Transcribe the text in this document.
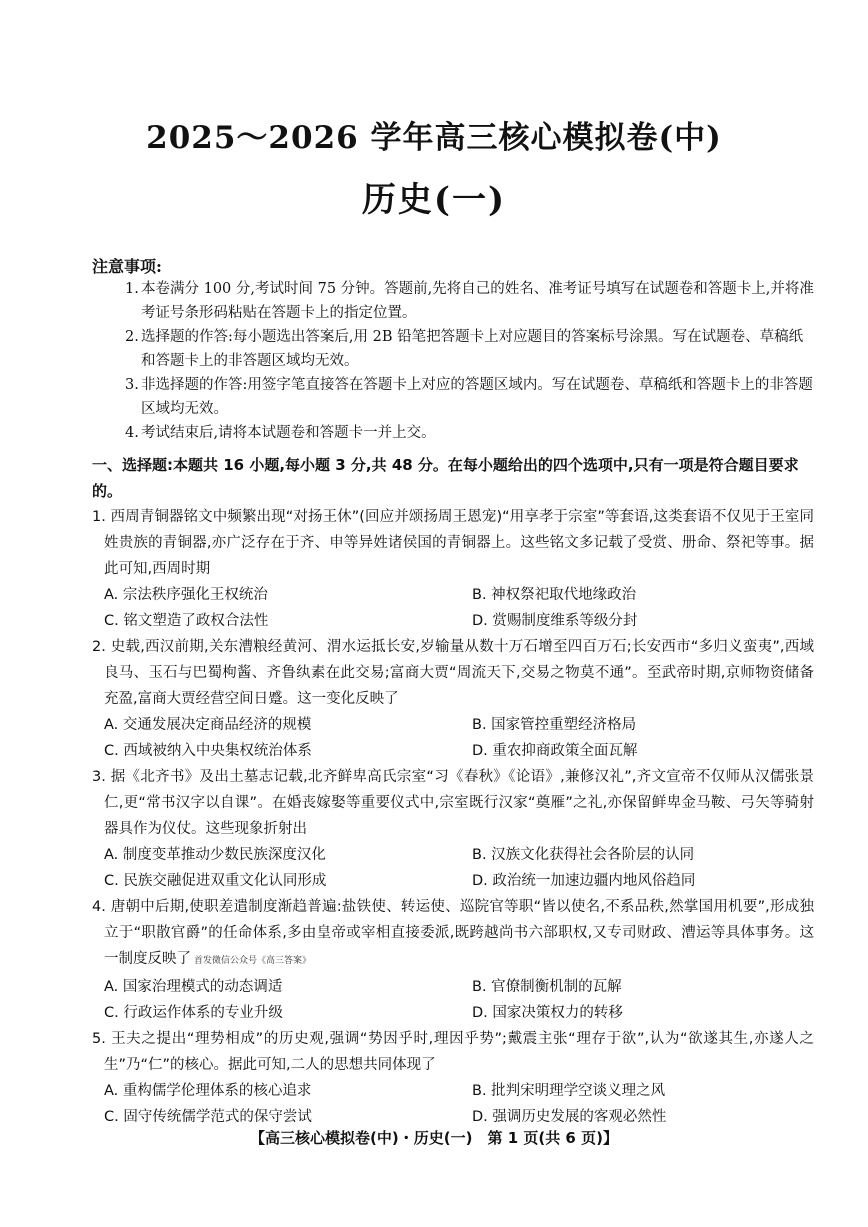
2025～2026 学年高三核心模拟卷(中)
历史(一)
注意事项:
1. 本卷满分 100 分,考试时间 75 分钟。答题前,先将自己的姓名、准考证号填写在试题卷和答题卡上,并将准考证号条形码粘贴在答题卡上的指定位置。
2. 选择题的作答:每小题选出答案后,用 2B 铅笔把答题卡上对应题目的答案标号涂黑。写在试题卷、草稿纸和答题卡上的非答题区域均无效。
3. 非选择题的作答:用签字笔直接答在答题卡上对应的答题区域内。写在试题卷、草稿纸和答题卡上的非答题区域均无效。
4. 考试结束后,请将本试题卷和答题卡一并上交。
一、选择题:本题共 16 小题,每小题 3 分,共 48 分。在每小题给出的四个选项中,只有一项是符合题目要求的。
1. 西周青铜器铭文中频繁出现“对扬王休”(回应并颂扬周王恩宠)“用享孝于宗室”等套语,这类套语不仅见于王室同姓贵族的青铜器,亦广泛存在于齐、申等异姓诸侯国的青铜器上。这些铭文多记载了受赏、册命、祭祀等事。据此可知,西周时期
A. 宗法秩序强化王权统治	B. 神权祭祀取代地缘政治
C. 铭文塑造了政权合法性	D. 赏赐制度维系等级分封
2. 史载,西汉前期,关东漕粮经黄河、渭水运抵长安,岁输量从数十万石增至四百万石;长安西市“多归义蛮夷”,西域良马、玉石与巴蜀枸酱、齐鲁纨素在此交易;富商大贾“周流天下,交易之物莫不通”。至武帝时期,京师物资储备充盈,富商大贾经营空间日蹙。这一变化反映了
A. 交通发展决定商品经济的规模	B. 国家管控重塑经济格局
C. 西域被纳入中央集权统治体系	D. 重农抑商政策全面瓦解
3. 据《北齐书》及出土墓志记载,北齐鲜卑高氏宗室“习《春秋》《论语》,兼修汉礼”,齐文宣帝不仅师从汉儒张景仁,更“常书汉字以自课”。在婚丧嫁娶等重要仪式中,宗室既行汉家“奠雁”之礼,亦保留鲜卑金马鞍、弓矢等骑射器具作为仪仗。这些现象折射出
A. 制度变革推动少数民族深度汉化	B. 汉族文化获得社会各阶层的认同
C. 民族交融促进双重文化认同形成	D. 政治统一加速边疆内地风俗趋同
4. 唐朝中后期,使职差遣制度渐趋普遍:盐铁使、转运使、巡院官等职“皆以使名,不系品秩,然掌国用机要”,形成独立于“职散官爵”的任命体系,多由皇帝或宰相直接委派,既跨越尚书六部职权,又专司财政、漕运等具体事务。这一制度反映了 首发微信公众号《高三答案》
A. 国家治理模式的动态调适	B. 官僚制衡机制的瓦解
C. 行政运作体系的专业升级	D. 国家决策权力的转移
5. 王夫之提出“理势相成”的历史观,强调“势因乎时,理因乎势”;戴震主张“理存于欲”,认为“欲遂其生,亦遂人之生”乃“仁”的核心。据此可知,二人的思想共同体现了
A. 重构儒学伦理体系的核心追求	B. 批判宋明理学空谈义理之风
C. 固守传统儒学范式的保守尝试	D. 强调历史发展的客观必然性
【高三核心模拟卷(中)・历史(一)　第 1 页(共 6 页)】
